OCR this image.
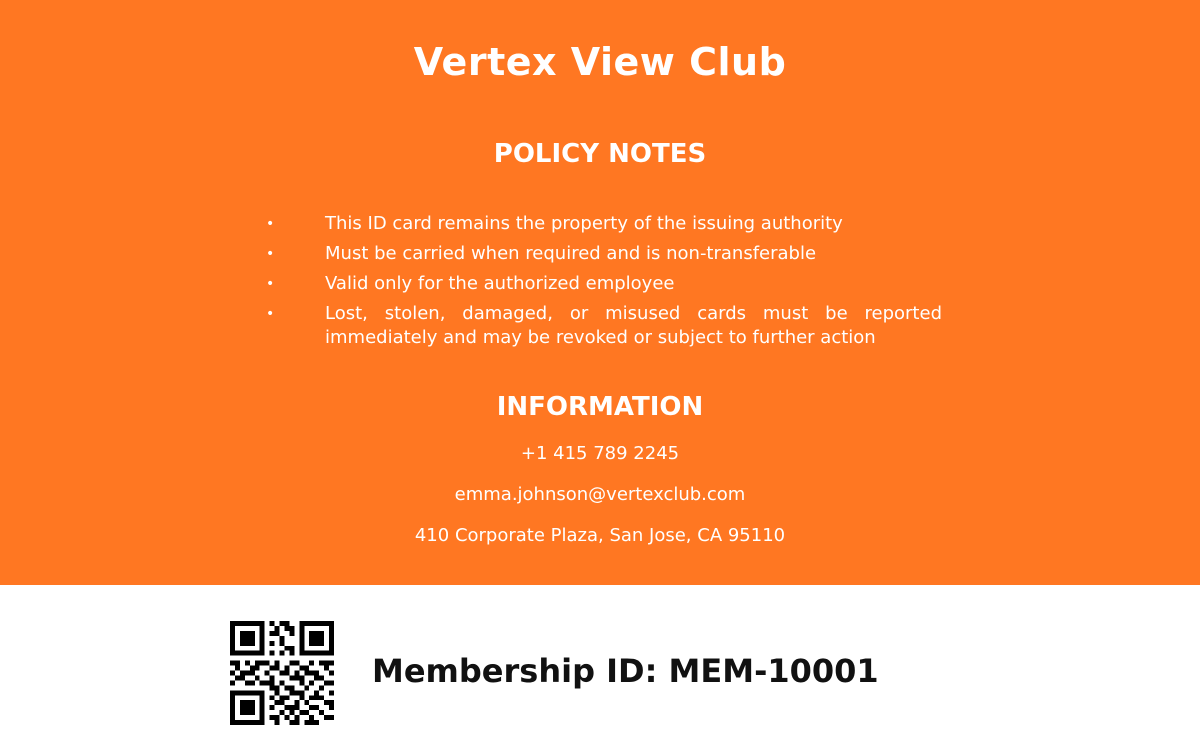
Vertex View Club
POLICY NOTES
•	This ID card remains the property of the issuing authority
•	Must be carried when required and is non-transferable
•	Valid only for the authorized employee
•	Lost, stolen, damaged, or misused cards must be reported immediately and may be revoked or subject to further action
INFORMATION
+1 415 789 2245
emma.johnson@vertexclub.com
410 Corporate Plaza, San Jose, CA 95110
Membership ID: MEM-10001
